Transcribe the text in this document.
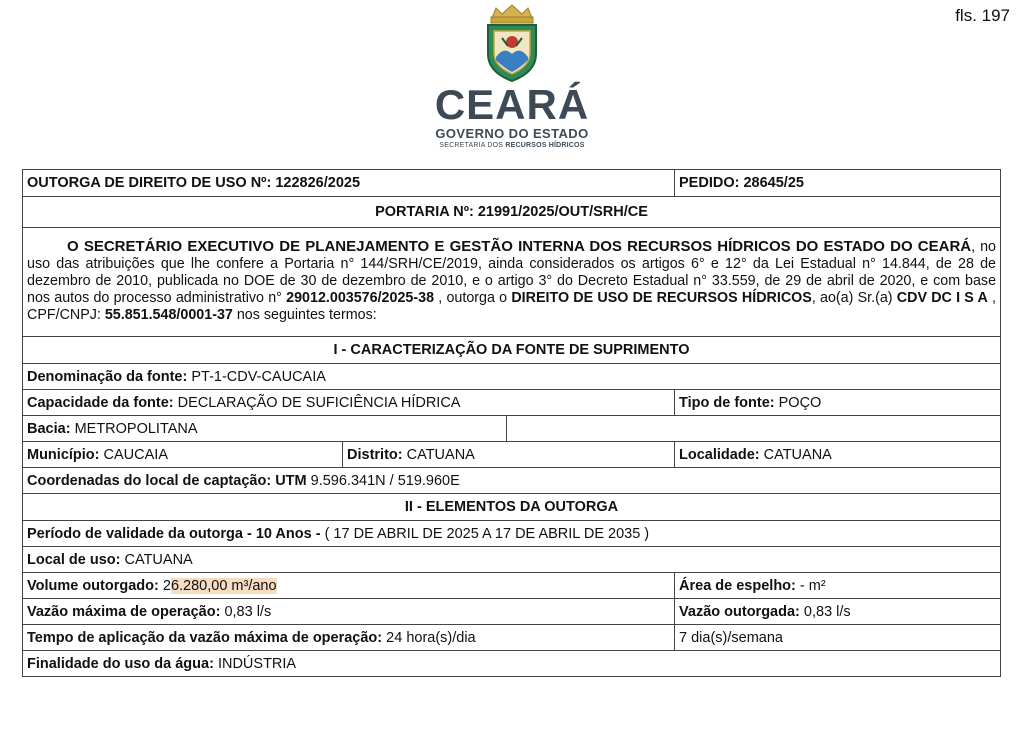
fls. 197
CEARÁ
GOVERNO DO ESTADO
SECRETARIA DOS RECURSOS HÍDRICOS
OUTORGA DE DIREITO DE USO Nº: 122826/2025			PEDIDO: 28645/25
PORTARIA Nº: 21991/2025/OUT/SRH/CE			
O SECRETÁRIO EXECUTIVO DE PLANEJAMENTO E GESTÃO INTERNA DOS RECURSOS HÍDRICOS DO ESTADO DO CEARÁ, no uso das atribuições que lhe confere a Portaria n° 144/SRH/CE/2019, ainda considerados os artigos 6° e 12° da Lei Estadual n° 14.844, de 28 de dezembro de 2010, publicada no DOE de 30 de dezembro de 2010, e o artigo 3° do Decreto Estadual n° 33.559, de 29 de abril de 2020, e com base nos autos do processo administrativo n° 29012.003576/2025-38 , outorga o DIREITO DE USO DE RECURSOS HÍDRICOS, ao(a) Sr.(a) CDV DC I S A , CPF/CNPJ: 55.851.548/0001-37 nos seguintes termos:			
I - CARACTERIZAÇÃO DA FONTE DE SUPRIMENTO			
Denominação da fonte: PT-1-CDV-CAUCAIA			
Capacidade da fonte: DECLARAÇÃO DE SUFICIÊNCIA HÍDRICA			Tipo de fonte: POÇO
Bacia: METROPOLITANA			
Município: CAUCAIA	Distrito: CATUANA		Localidade: CATUANA
Coordenadas do local de captação: UTM 9.596.341N / 519.960E			
II - ELEMENTOS DA OUTORGA			
Período de validade da outorga - 10 Anos - ( 17 DE ABRIL DE 2025 A 17 DE ABRIL DE 2035 )			
Local de uso: CATUANA			
Volume outorgado: 26.280,00 m³/ano			Área de espelho: - m²
Vazão máxima de operação: 0,83 l/s			Vazão outorgada: 0,83 l/s
Tempo de aplicação da vazão máxima de operação: 24 hora(s)/dia			7 dia(s)/semana
Finalidade do uso da água: INDÚSTRIA			
